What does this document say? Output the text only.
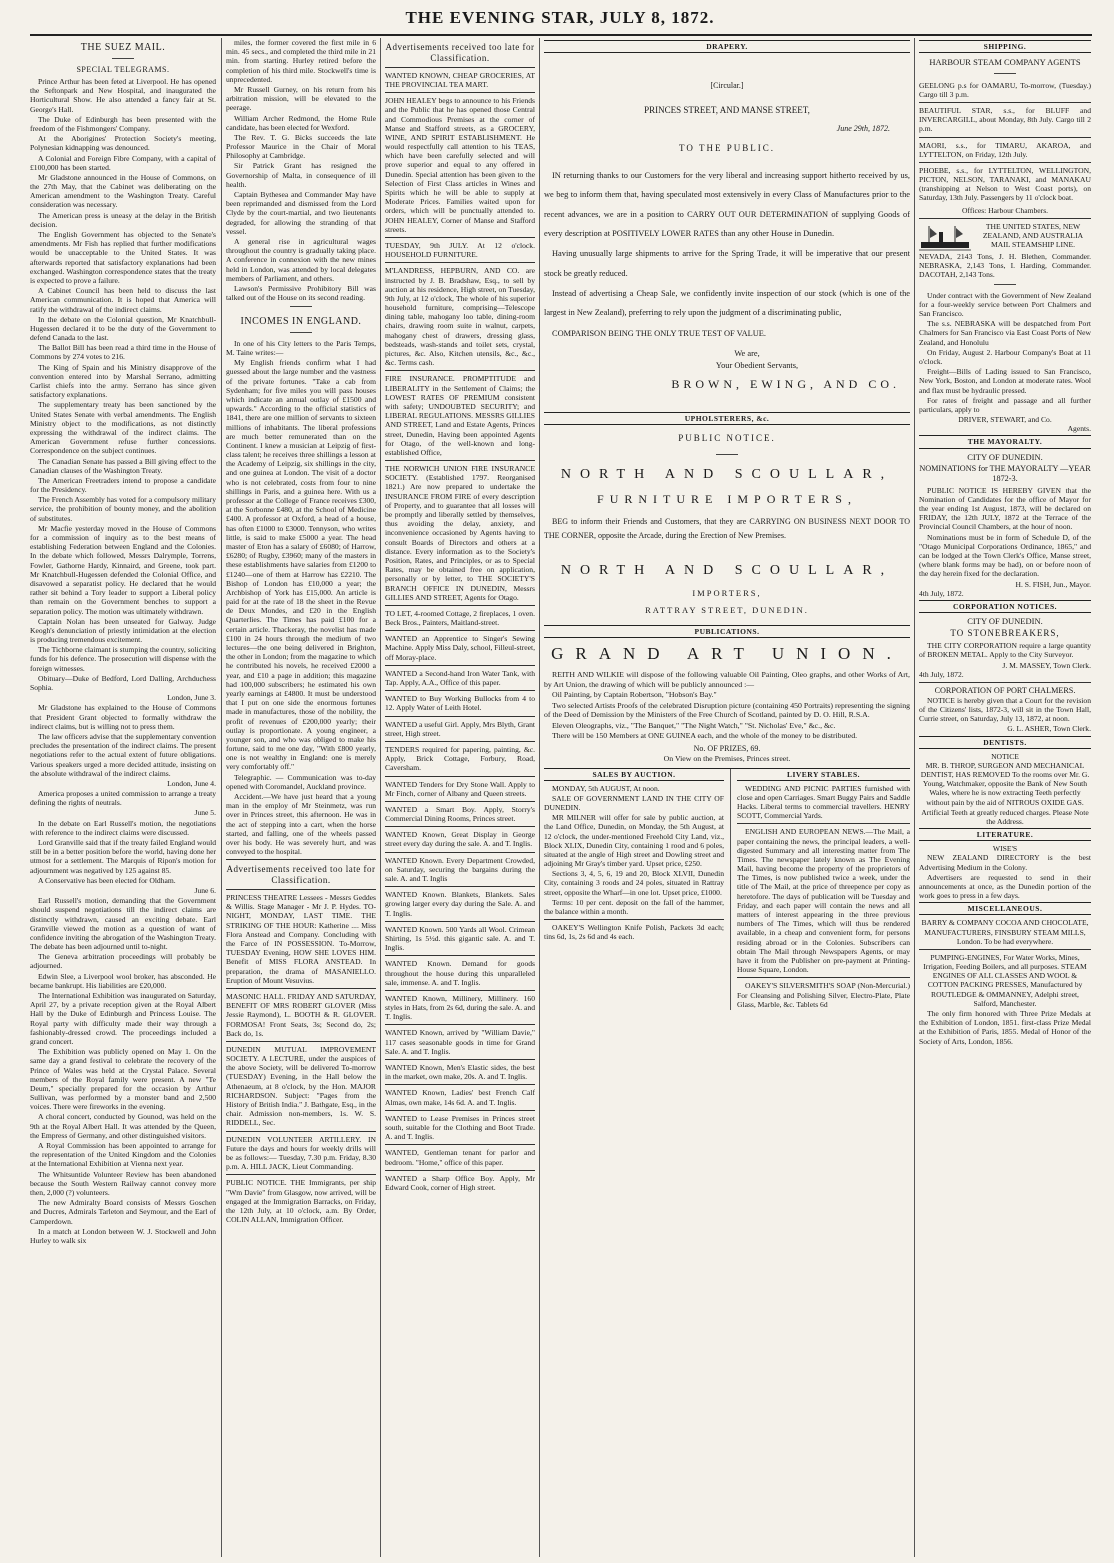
THE EVENING STAR, JULY 8, 1872.
THE SUEZ MAIL.
SPECIAL TELEGRAMS.

Prince Arthur has been feted at Liverpool. He has opened the Seftonpark and New Hospital, and inaugurated the Horticultural Show. He also attended a fancy fair at St. George's Hall.

The Duke of Edinburgh has been presented with the freedom of the Fishmongers' Company.

At the Aborigines' Protection Society's meeting, Polynesian kidnapping was denounced.

A Colonial and Foreign Fibre Company, with a capital of £100,000 has been started.

Mr Gladstone announced in the House of Commons, on the 27th May, that the Cabinet was deliberating on the American amendment to the Washington Treaty. Careful consideration was necessary.

The American press is uneasy at the delay in the British decision.

The English Government has objected to the Senate's amendments. Mr Fish has replied that further modifications would be unacceptable to the United States. It was afterwards reported that satisfactory explanations had been exchanged. Washington correspondence states that the treaty is expected to prove a failure.

A Cabinet Council has been held to discuss the last American communication. It is hoped that America will ratify the withdrawal of the indirect claims.

In the debate on the Colonial question, Mr Knatchbull-Hugessen declared it to be the duty of the Government to defend Canada to the last.

The Ballot Bill has been read a third time in the House of Commons by 274 votes to 216.

The King of Spain and his Ministry disapprove of the convention entered into by Marshal Serrano, admitting Carlist chiefs into the army. Serrano has since given satisfactory explanations.

The supplementary treaty has been sanctioned by the United States Senate with verbal amendments. The English Ministry object to the modifications, as not distinctly expressing the withdrawal of the indirect claims. The American Government refuse further concessions. Correspondence on the subject continues.

The Canadian Senate has passed a Bill giving effect to the Canadian clauses of the Washington Treaty.

The American Freetraders intend to propose a candidate for the Presidency.

The French Assembly has voted for a compulsory military service, the prohibition of bounty money, and the abolition of substitutes.

Mr Macfie yesterday moved in the House of Commons for a commission of inquiry as to the best means of establishing Federation between England and the Colonies. In the debate which followed, Messrs Dalrymple, Torrens, Fowler, Gathorne Hardy, Kinnaird, and Greene, took part. Mr Knatchbull-Hugessen defended the Colonial Office, and disavowed a separatist policy. He declared that he would rather sit behind a Tory leader to support a Liberal policy than remain on the Government benches to support a separation policy. The motion was ultimately withdrawn.

Captain Nolan has been unseated for Galway. Judge Keogh's denunciation of priestly intimidation at the election is producing tremendous excitement.

The Tichborne claimant is stumping the country, soliciting funds for his defence. The prosecution will dispense with the foreign witnesses.

Obituary—Duke of Bedford, Lord Dalling, Archduchess Sophia.

London, June 3.

Mr Gladstone has explained to the House of Commons that President Grant objected to formally withdraw the indirect claims, but is willing not to press them.

The law officers advise that the supplementary convention precludes the presentation of the indirect claims. The present negotiations refer to the actual extent of future obligations. Various speakers urged a more decided attitude, insisting on the absolute withdrawal of the indirect claims.

London, June 4.

America proposes a united commission to arrange a treaty defining the rights of neutrals.

June 5.

In the debate on Earl Russell's motion, the negotiations with reference to the indirect claims were discussed.

Lord Granville said that if the treaty failed England would still be in a better position before the world, having done her utmost for a settlement. The Marquis of Ripon's motion for adjournment was negatived by 125 against 85.

A Conservative has been elected for Oldham.

June 6.

Earl Russell's motion, demanding that the Government should suspend negotiations till the indirect claims are distinctly withdrawn, caused an exciting debate. Earl Granville viewed the motion as a question of want of confidence inviting the abrogation of the Washington Treaty. The debate has been adjourned until to-night.

The Geneva arbitration proceedings will probably be adjourned.

Edwin Slee, a Liverpool wool broker, has absconded. He became bankrupt. His liabilities are £20,000.

The International Exhibition was inaugurated on Saturday, April 27, by a private reception given at the Royal Albert Hall by the Duke of Edinburgh and Princess Louise. The Royal party with difficulty made their way through a fashionably-dressed crowd. The proceedings included a grand concert.

The Exhibition was publicly opened on May 1. On the same day a grand festival to celebrate the recovery of the Prince of Wales was held at the Crystal Palace. Several members of the Royal family were present. A new "Te Deum," specially prepared for the occasion by Arthur Sullivan, was performed by a monster band and 2,500 voices. There were fireworks in the evening.

A choral concert, conducted by Gounod, was held on the 9th at the Royal Albert Hall. It was attended by the Queen, the Empress of Germany, and other distinguished visitors.

A Royal Commission has been appointed to arrange for the representation of the United Kingdom and the Colonies at the International Exhibition at Vienna next year.

The Whitsuntide Volunteer Review has been abandoned because the South Western Railway cannot convey more then, 2,000 (?) volunteers.

The new Admiralty Board consists of Messrs Goschen and Ducres, Admirals Tarleton and Seymour, and the Earl of Camperdown.

In a match at London between W. J. Stockwell and John Hurley to walk six

miles, the former covered the first mile in 6 min. 45 secs., and completed the third mile in 21 min. from starting. Hurley retired before the completion of his third mile. Stockwell's time is unprecedented.

Mr Russell Gurney, on his return from his arbitration mission, will be elevated to the peerage.

William Archer Redmond, the Home Rule candidate, has been elected for Wexford.

The Rev. T. G. Bicks succeeds the late Professor Maurice in the Chair of Moral Philosophy at Cambridge.

Sir Patrick Grant has resigned the Governorship of Malta, in consequence of ill health.

Captain Bythesea and Commander May have been reprimanded and dismissed from the Lord Clyde by the court-martial, and two lieutenants degraded, for allowing the stranding of that vessel.

A general rise in agricultural wages throughout the country is gradually taking place. A conference in connexion with the new mines held in London, was attended by local delegates members of Parliament, and others.

Lawson's Permissive Prohibitory Bill was talked out of the House on its second reading.

INCOMES IN ENGLAND.

In one of his City letters to the Paris Temps, M. Taine writes:—

My English friends confirm what I had guessed about the large number and the vastness of the private fortunes. "Take a cab from Sydenham; for five miles you will pass houses which indicate an annual outlay of £1500 and upwards." According to the official statistics of 1841, there are one million of servants to sixteen millions of inhabitants. The liberal professions are much better remunerated than on the Continent. I knew a musician at Leipzig of first-class talent; he receives three shillings a lesson at the Academy of Leipzig, six shillings in the city, and one guinea at London. The visit of a doctor who is not celebrated, costs from four to nine shillings in Paris, and a guinea here. With us a professor at the College of France receives £300, at the Sorbonne £480, at the School of Medicine £400. A professor at Oxford, a head of a house, has often £1000 to £3000. Tennyson, who writes little, is said to make £5000 a year. The head master of Eton has a salary of £6080; of Harrow, £6280; of Rugby, £3960; many of the masters in these establishments have salaries from £1200 to £1240—one of them at Harrow has £2210. The Bishop of London has £10,000 a year; the Archbishop of York has £15,000. An article is paid for at the rate of 18 the sheet in the Revue de Deux Mondes, and £20 in the English Quarterlies. The Times has paid £100 for a certain article. Thackeray, the novelist has made £100 in 24 hours through the medium of two lectures—the one being delivered in Brighton, the other in London; from the magazine to which he contributed his novels, he received £2000 a year, and £10 a page in addition; this magazine had 100,000 subscribers; he estimated his own yearly earnings at £4800. It must be understood that I put on one side the enormous fortunes made in manufactures, those of the nobility, the profit of revenues of £200,000 yearly; their outlay is proportionate. A young engineer, a younger son, and who was obliged to make his fortune, said to me one day, "With £800 yearly, one is not wealthy in England: one is merely very comfortably off."

Telegraphic. — Communication was to-day opened with Coromandel, Auckland province.

Accident.—We have just heard that a young man in the employ of Mr Steinmetz, was run over in Princes street, this afternoon. He was in the act of stepping into a cart, when the horse started, and falling, one of the wheels passed over his body. He was severely hurt, and was conveyed to the hospital.

Advertisements received too late for Classification.

PRINCESS THEATRE Lessees - Messrs Geddes & Willis. Stage Manager - Mr J. P. Hydes. TO-NIGHT, MONDAY, LAST TIME. THE STRIKING OF THE HOUR: Katherine .... Miss Flora Anstead and Company. Concluding with the Farce of IN POSSESSION. To-Morrow, TUESDAY Evening, HOW SHE LOVES HIM. Benefit of MISS FLORA ANSTEAD. In preparation, the drama of MASANIELLO. Eruption of Mount Vesuvius.

MASONIC HALL. FRIDAY AND SATURDAY, BENEFIT OF MRS ROBERT GLOVER (Miss Jessie Raymond), L. BOOTH & R. GLOVER. FORMOSA! Front Seats, 3s; Second do, 2s; Back do, 1s.

DUNEDIN MUTUAL IMPROVEMENT SOCIETY. A LECTURE, under the auspices of the above Society, will be delivered To-morrow (TUESDAY) Evening, in the Hall below the Athenaeum, at 8 o'clock, by the Hon. MAJOR RICHARDSON. Subject: "Pages from the History of British India." J. Bathgate, Esq., in the chair. Admission non-members, 1s. W. S. RIDDELL, Sec.

DUNEDIN VOLUNTEER ARTILLERY. IN Future the days and hours for weekly drills will be as follows:— Tuesday, 7.30 p.m. Friday, 8.30 p.m. A. HILL JACK, Lieut Commanding.

PUBLIC NOTICE. THE Immigrants, per ship "Wm Davie" from Glasgow, now arrived, will be engaged at the Immigration Barracks, on Friday, the 12th July, at 10 o'clock, a.m. By Order, COLIN ALLAN, Immigration Officer.

Advertisements received too late for Classification.

WANTED KNOWN, CHEAP GROCERIES, AT THE PROVINCIAL TEA MART.

JOHN HEALEY begs to announce to his Friends and the Public that he has opened those Central and Commodious Premises at the corner of Manse and Stafford streets, as a GROCERY, WINE, AND SPIRIT ESTABLISHMENT. He would respectfully call attention to his TEAS, which have been carefully selected and will prove superior and equal to any offered in Dunedin. Special attention has been given to the Selection of First Class articles in Wines and Spirits which he will be able to supply at Moderate Prices. Families waited upon for orders, which will be punctually attended to. JOHN HEALEY, Corner of Manse and Stafford streets.

TUESDAY, 9th JULY. At 12 o'clock. HOUSEHOLD FURNITURE.

M'LANDRESS, HEPBURN, AND CO. are instructed by J. B. Bradshaw, Esq., to sell by auction at his residence, High street, on Tuesday, 9th July, at 12 o'clock, The whole of his superior household furniture, comprising—Telescope dining table, mahogany loo table, dining-room chairs, drawing room suite in walnut, carpets, mahogany chest of drawers, dressing glass, bedsteads, wash-stands and toilet sets, crystal, pictures, &c. Also, Kitchen utensils, &c., &c., &c. Terms cash.

FIRE INSURANCE. PROMPTITUDE and LIBERALITY in the Settlement of Claims; the LOWEST RATES OF PREMIUM consistent with safety; UNDOUBTED SECURITY; and LIBERAL REGULATIONS. MESSRS GILLIES AND STREET, Land and Estate Agents, Princes street, Dunedin, Having been appointed Agents for Otago, of the well-known and long-established Office,

THE NORWICH UNION FIRE INSURANCE SOCIETY. (Established 1797. Reorganised 1821.) Are now prepared to undertake the INSURANCE FROM FIRE of every description of Property, and to guarantee that all losses will be promptly and liberally settled by themselves, thus avoiding the delay, anxiety, and inconvenience occasioned by Agents having to consult Boards of Directors and others at a distance. Every information as to the Society's Position, Rates, and Principles, or as to Special Rates, may be obtained free on application, personally or by letter, to THE SOCIETY'S BRANCH OFFICE IN DUNEDIN, Messrs GILLIES AND STREET, Agents for Otago.

TO LET, 4-roomed Cottage, 2 fireplaces, 1 oven. Beck Bros., Painters, Maitland-street.

WANTED an Apprentice to Singer's Sewing Machine. Apply Miss Daly, school, Filleul-street, off Moray-place.

WANTED a Second-hand Iron Water Tank, with Tap. Apply, A.A., Office of this paper.

WANTED to Buy Working Bullocks from 4 to 12. Apply Water of Leith Hotel.

WANTED a useful Girl. Apply, Mrs Blyth, Grant street, High street.

TENDERS required for papering, painting, &c. Apply, Brick Cottage, Forbury, Road, Caversham.

WANTED Tenders for Dry Stone Wall. Apply to Mr Finch, corner of Albany and Queen streets.

WANTED a Smart Boy. Apply, Storry's Commercial Dining Rooms, Princes street.

WANTED Known, Great Display in George street every day during the sale. A. and T. Inglis.

WANTED Known. Every Department Crowded, on Saturday, securing the bargains during the sale. A. and T. Inglis

WANTED Known. Blankets, Blankets. Sales growing larger every day during the Sale. A. and T. Inglis.

WANTED Known. 500 Yards all Wool. Crimean Shirting, 1s 5½d. this gigantic sale. A. and T. Inglis.

WANTED Known. Demand for goods throughout the house during this unparalleled sale, immense. A. and T. Inglis.

WANTED Known, Millinery, Millinery. 160 styles in Hats, from 2s 6d, during the sale. A. and T. Inglis.

WANTED Known, arrived by "William Davie," 117 cases seasonable goods in time for Grand Sale. A. and T. Inglis.

WANTED Known, Men's Elastic sides, the best in the market, own make, 20s. A. and T. Inglis.

WANTED Known, Ladies' best French Calf Almas, own make, 14s 6d. A. and T. Inglis.

WANTED to Lease Premises in Princes street south, suitable for the Clothing and Boot Trade. A. and T. Inglis.

WANTED, Gentleman tenant for parlor and bedroom. "Home," office of this paper.

WANTED a Sharp Office Boy. Apply, Mr Edward Cook, corner of High street.

DRAPERY.
[Circular.]
PRINCES STREET, AND MANSE STREET,
June 29th, 1872.
TO THE PUBLIC.

IN returning thanks to our Customers for the very liberal and increasing support hitherto received by us, we beg to inform them that, having speculated most extensively in every Class of Manufactures prior to the recent advances, we are in a position to CARRY OUT OUR DETERMINATION of supplying Goods of every description at POSITIVELY LOWER RATES than any other House in Dunedin.

Having unusually large shipments to arrive for the Spring Trade, it will be imperative that our present stock be greatly reduced.

Instead of advertising a Cheap Sale, we confidently invite inspection of our stock (which is one of the largest in New Zealand), preferring to rely upon the judgment of a discriminating public,

COMPARISON BEING THE ONLY TRUE TEST OF VALUE.

We are,
Your Obedient Servants,
BROWN, EWING, AND CO.
UPHOLSTERERS, &c.
PUBLIC NOTICE.
NORTH AND SCOULLAR,
FURNITURE IMPORTERS,

BEG to inform their Friends and Customers, that they are CARRYING ON BUSINESS NEXT DOOR TO THE CORNER, opposite the Arcade, during the Erection of New Premises.

NORTH AND SCOULLAR,
IMPORTERS,
RATTRAY STREET, DUNEDIN.
PUBLICATIONS.
GRAND ART UNION.

REITH AND WILKIE will dispose of the following valuable Oil Painting, Oleo graphs, and other Works of Art, by Art Union, the drawing of which will be publicly announced :—

Oil Painting, by Captain Robertson, "Hobson's Bay."

Two selected Artists Proofs of the celebrated Disruption picture (containing 450 Portraits) representing the signing of the Deed of Demission by the Ministers of the Free Church of Scotland, painted by D. O. Hill, R.S.A.

Eleven Oleographs, viz., "The Banquet," "The Night Watch," "St. Nicholas' Eve," &c., &c.

There will be 150 Members at ONE GUINEA each, and the whole of the money to be distributed.

No. OF PRIZES, 69.
On View on the Premises, Princes street.
SALES BY AUCTION.

MONDAY, 5th AUGUST, At noon.

SALE OF GOVERNMENT LAND IN THE CITY OF DUNEDIN.

MR MILNER will offer for sale by public auction, at the Land Office, Dunedin, on Monday, the 5th August, at 12 o'clock, the under-mentioned Freehold City Land, viz., Block XLIX, Dunedin City, containing 1 rood and 6 poles, situated at the angle of High street and Dowling street and adjoining Mr Gray's timber yard. Upset price, £250.

Sections 3, 4, 5, 6, 19 and 20, Block XLVII, Dunedin City, containing 3 roods and 24 poles, situated in Rattray street, opposite the Wharf—in one lot. Upset price, £1000.

Terms: 10 per cent. deposit on the fall of the hammer, the balance within a month.

OAKEY'S Wellington Knife Polish, Packets 3d each; tins 6d, 1s, 2s 6d and 4s each.

LIVERY STABLES.

WEDDING AND PICNIC PARTIES furnished with close and open Carriages. Smart Buggy Pairs and Saddle Hacks. Liberal terms to commercial travellers. HENRY SCOTT, Commercial Yards.

ENGLISH AND EUROPEAN NEWS.—The Mail, a paper containing the news, the principal leaders, a well-digested Summary and all interesting matter from The Times. The newspaper lately known as The Evening Mail, having become the property of the proprietors of The Times, is now published twice a week, under the title of The Mail, at the price of threepence per copy as heretofore. The days of publication will be Tuesday and Friday, and each paper will contain the news and all matters of interest appearing in the three previous numbers of The Times, which will thus be rendered available, in a cheap and convenient form, for persons residing abroad or in the Colonies. Subscribers can obtain The Mail through Newspapers Agents, or may have it from the Publisher on pre-payment at Printing-House Square, London.

OAKEY'S SILVERSMITH'S SOAP (Non-Mercurial.) For Cleansing and Polishing Silver, Electro-Plate, Plate Glass, Marble, &c. Tablets 6d

SHIPPING.
HARBOUR STEAM COMPANY AGENTS

GEELONG p.s for OAMARU, To-morrow, (Tuesday.) Cargo till 3 p.m.

BEAUTIFUL STAR, s.s., for BLUFF and INVERCARGILL, about Monday, 8th July. Cargo till 2 p.m.

MAORI, s.s., for TIMARU, AKAROA, and LYTTELTON, on Friday, 12th July.

PHOEBE, s.s., for LYTTELTON, WELLINGTON, PICTON, NELSON, TARANAKI, and MANAKAU (transhipping at Nelson to West Coast ports), on Saturday, 13th July. Passengers by 11 o'clock boat.

Offices: Harbour Chambers.

THE UNITED STATES, NEW ZEALAND, AND AUSTRALIA MAIL STEAMSHIP LINE.

NEVADA, 2143 Tons, J. H. Blethen, Commander. NEBRASKA, 2,143 Tons, I. Harding, Commander. DACOTAH, 2,143 Tons.

Under contract with the Government of New Zealand for a four-weekly service between Port Chalmers and San Francisco.

The s.s. NEBRASKA will be despatched from Port Chalmers for San Francisco via East Coast Ports of New Zealand, and Honolulu

On Friday, August 2. Harbour Company's Boat at 11 o'clock.

Freight—Bills of Lading issued to San Francisco, New York, Boston, and London at moderate rates. Wool and flax must be hydraulic pressed.

For rates of freight and passage and all further particulars, apply to

DRIVER, STEWART, and Co.
Agents.
THE MAYORALTY.
CITY OF DUNEDIN.
NOMINATIONS for THE MAYORALTY —YEAR 1872-3.

PUBLIC NOTICE IS HEREBY GIVEN that the Nomination of Candidates for the office of Mayor for the year ending 1st August, 1873, will be declared on FRIDAY, the 12th JULY, 1872 at the Terrace of the Provincial Council Chambers, at the hour of noon.

Nominations must be in form of Schedule D, of the "Otago Municipal Corporations Ordinance, 1865," and can be lodged at the Town Clerk's Office, Manse street, (where blank forms may be had), on or before noon of the day herein fixed for the declaration.

H. S. FISH, Jun., Mayor.
4th July, 1872.
CORPORATION NOTICES.
CITY OF DUNEDIN.
TO STONEBREAKERS,

THE CITY CORPORATION require a large quantity of BROKEN METAL. Apply to the City Surveyor.

J. M. MASSEY, Town Clerk.
4th July, 1872.
CORPORATION OF PORT CHALMERS.

NOTICE is hereby given that a Court for the revision of the Citizens' lists, 1872-3, will sit in the Town Hall, Currie street, on Saturday, July 13, 1872, at noon.

G. L. ASHER, Town Clerk.
DENTISTS.
NOTICE

MR. B. THROP, SURGEON AND MECHANICAL DENTIST, HAS REMOVED To the rooms over Mr. G. Young, Watchmaker, opposite the Bank of New South Wales, where he is now extracting Teeth perfectly without pain by the aid of NITROUS OXIDE GAS.

Artificial Teeth at greatly reduced charges. Please Note the Address.

LITERATURE.
WISE'S

NEW ZEALAND DIRECTORY is the best Advertising Medium in the Colony.

Advertisers are requested to send in their announcements at once, as the Dunedin portion of the work goes to press in a few days.

MISCELLANEOUS.

BARRY & COMPANY COCOA AND CHOCOLATE, MANUFACTURERS, FINSBURY STEAM MILLS, London. To be had everywhere.

PUMPING-ENGINES, For Water Works, Mines, Irrigation, Feeding Boilers, and all purposes. STEAM ENGINES OF ALL CLASSES AND WOOL & COTTON PACKING PRESSES, Manufactured by ROUTLEDGE & OMMANNEY, Adelphi street, Salford, Manchester.

The only firm honored with Three Prize Medals at the Exhibition of London, 1851. first-class Prize Medal at the Exhibition of Paris, 1855. Medal of Honor of the Society of Arts, London, 1856.
